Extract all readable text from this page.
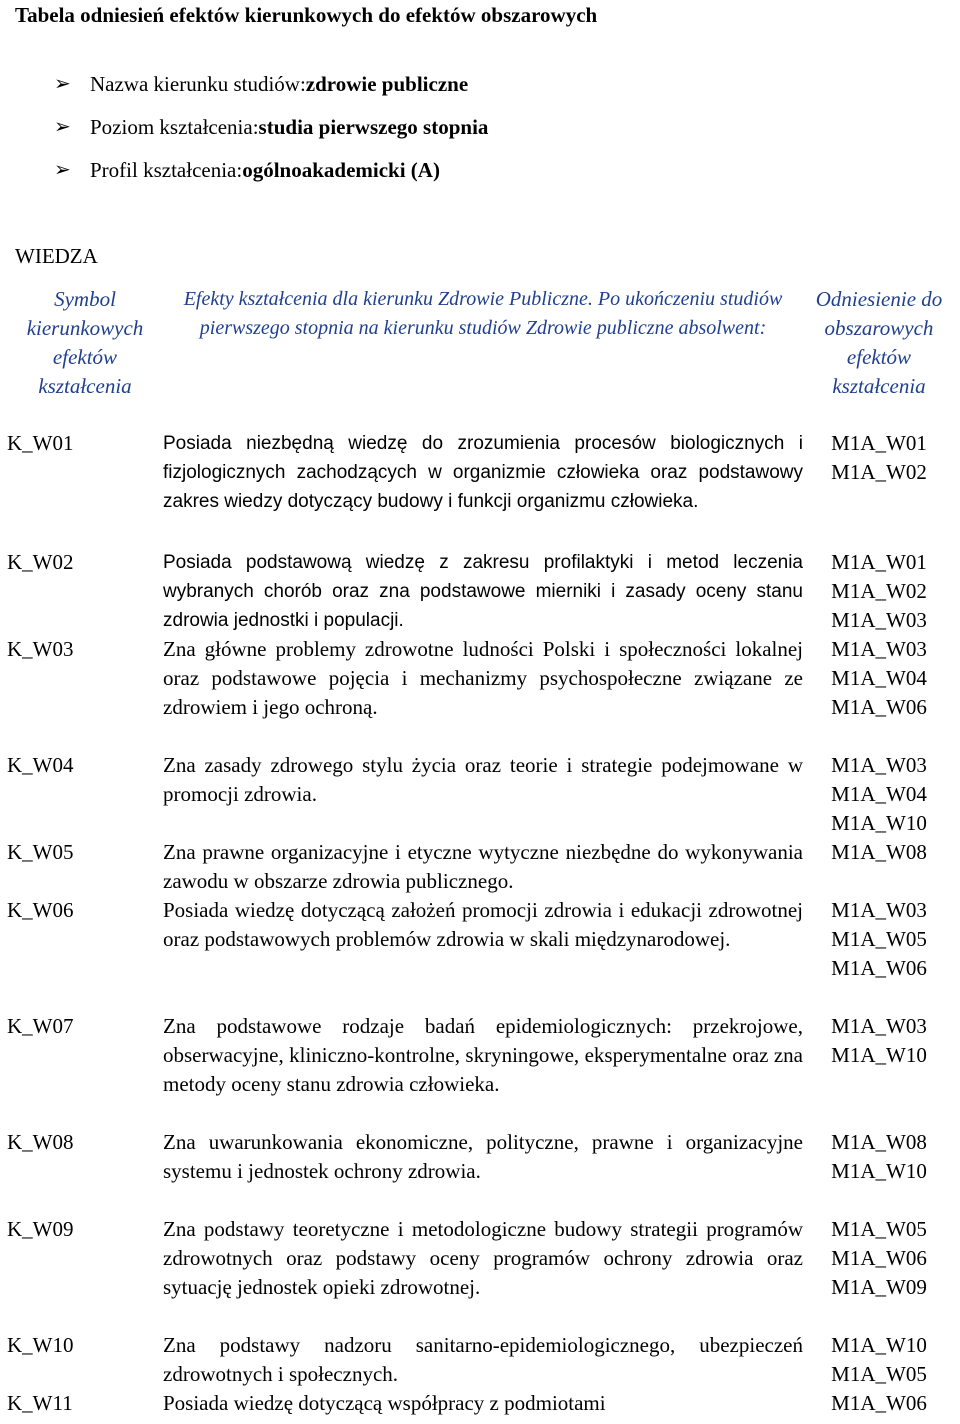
Tabela odniesień efektów kierunkowych do efektów obszarowych
➢ Nazwa kierunku studiów: zdrowie publiczne
➢ Poziom kształcenia: studia pierwszego stopnia
➢ Profil kształcenia: ogólnoakademicki (A)
WIEDZA
Symbol kierunkowych efektów kształcenia	Efekty kształcenia dla kierunku Zdrowie Publiczne. Po ukończeniu studiów pierwszego stopnia na kierunku studiów Zdrowie publiczne absolwent:	Odniesienie do obszarowych efektów kształcenia
K_W01	Posiada niezbędną wiedzę do zrozumienia procesów biologicznych i fizjologicznych zachodzących w organizmie człowieka oraz podstawowy zakres wiedzy dotyczący budowy i funkcji organizmu człowieka.	M1A_W01
M1A_W02

K_W02	Posiada podstawową wiedzę z zakresu profilaktyki i metod leczenia wybranych chorób oraz zna podstawowe mierniki i zasady oceny stanu zdrowia jednostki i populacji.	M1A_W01
M1A_W02
M1A_W03

K_W03	Zna główne problemy zdrowotne ludności Polski i społeczności lokalnej oraz podstawowe pojęcia i mechanizmy psychospołeczne związane ze zdrowiem i jego ochroną.	M1A_W03
M1A_W04
M1A_W06

K_W04	Zna zasady zdrowego stylu życia oraz teorie i strategie podejmowane w promocji zdrowia.	M1A_W03
M1A_W04
M1A_W10

K_W05	Zna prawne organizacyjne i etyczne wytyczne niezbędne do wykonywania zawodu w obszarze zdrowia publicznego.	M1A_W08

K_W06	Posiada wiedzę dotyczącą założeń promocji zdrowia i edukacji zdrowotnej oraz podstawowych problemów zdrowia w skali międzynarodowej.	M1A_W03
M1A_W05
M1A_W06

K_W07	Zna podstawowe rodzaje badań epidemiologicznych: przekrojowe, obserwacyjne, kliniczno-kontrolne, skryningowe, eksperymentalne oraz zna metody oceny stanu zdrowia człowieka.	M1A_W03
M1A_W10

K_W08	Zna uwarunkowania ekonomiczne, polityczne, prawne i organizacyjne systemu i jednostek ochrony zdrowia.	M1A_W08
M1A_W10

K_W09	Zna podstawy teoretyczne i metodologiczne budowy strategii programów zdrowotnych oraz podstawy oceny programów ochrony zdrowia oraz sytuację jednostek opieki zdrowotnej.	M1A_W05
M1A_W06
M1A_W09

K_W10	Zna podstawy nadzoru sanitarno-epidemiologicznego, ubezpieczeń zdrowotnych i społecznych.	M1A_W10
M1A_W05

K_W11	Posiada wiedzę dotyczącą współpracy z podmiotami	M1A_W06
